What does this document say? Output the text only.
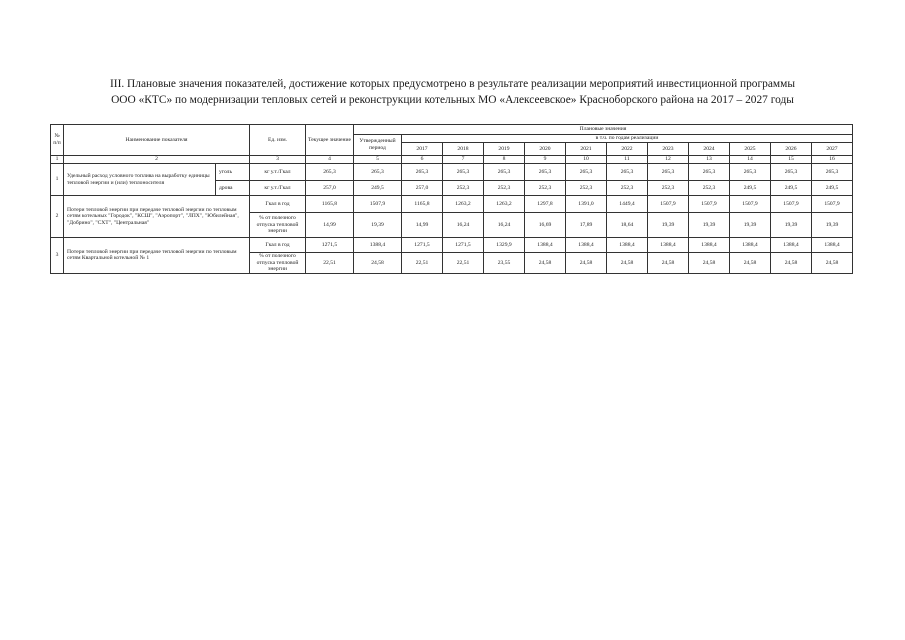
III. Плановые значения показателей, достижение которых предусмотрено в результате реализации мероприятий инвестиционной программы
ООО «КТС» по модернизации тепловых сетей и реконструкции котельных МО «Алексеевское» Красноборского района на 2017 – 2027 годы
№ п/п	Наименование показателя		Ед. изм.	Текущее значение	Плановые значения											
					Утвержденный период	в т.ч. по годам реализации										
						2017	2018	2019	2020	2021	2022	2023	2024	2025	2026	2027
1	2		3	4	5	6	7	8	9	10	11	12	13	14	15	16
1	Удельный расход условного топлива на выработку единицы тепловой энергии и (или) теплоносителя	уголь	кг у.т./Гкал	265,3	265,3	265,3	265,3	265,3	265,3	265,3	265,3	265,3	265,3	265,3	265,3	265,3
		дрова	кг у.т./Гкал	257,0	249,5	257,0	252,3	252,3	252,3	252,3	252,3	252,3	252,3	249,5	249,5	249,5
2	Потери тепловой энергии при передаче тепловой энергии по тепловым сетям котельных "Городок", "КСШ", "Аэропорт", "ЛПХ", "Юбилейная", "Добрино", "СХТ", "Центральная"		Гкал в год	1165,8	1507,9	1165,8	1263,2	1263,2	1297,8	1391,0	1449,4	1507,9	1507,9	1507,9	1507,9	1507,9
			% от полезного отпуска тепловой энергии	14,99	19,39	14,99	16,24	16,24	16,69	17,89	18,64	19,39	19,39	19,39	19,39	19,39
3	Потери тепловой энергии при передаче тепловой энергии по тепловым сетям Квартальной котельной № 1		Гкал в год	1271,5	1388,4	1271,5	1271,5	1329,9	1388,4	1388,4	1388,4	1388,4	1388,4	1388,4	1388,4	1388,4
			% от полезного отпуска тепловой энергии	22,51	24,58	22,51	22,51	23,55	24,58	24,58	24,58	24,58	24,58	24,58	24,58	24,58
